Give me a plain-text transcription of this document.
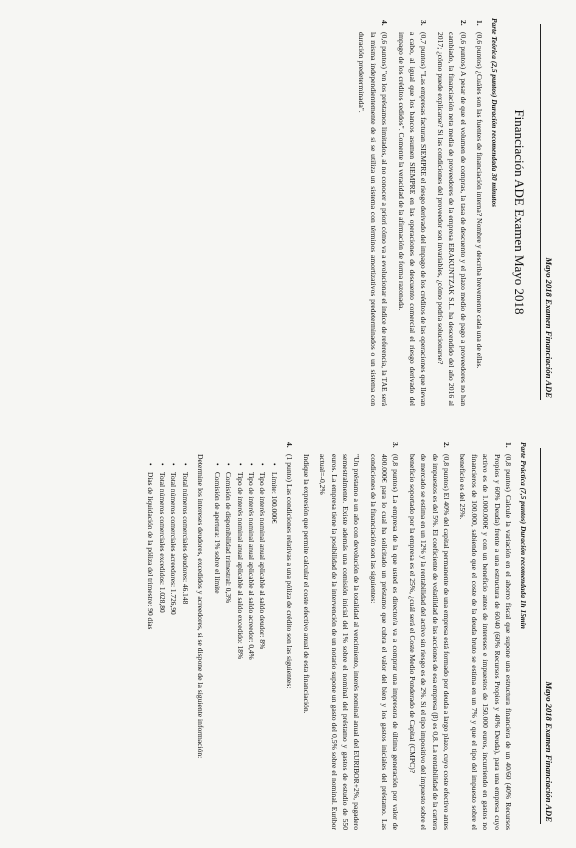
Mayo 2018 Examen Financiación ADE
Financiación ADE Examen Mayo 2018
Parte Teórica (2,5 puntos) Duración recomendada 30 minutos
1.
(0,6 puntos) ¿Cuáles son las fuentes de financiación interna? Nombre y describa brevemente cada una de ellas.
2.
(0,6 puntos) A pesar de que el volumen de compras, la tasa de descuento y el plazo medio de pago a proveedores no han cambiado, la financiación neta media de proveedores de la empresa ERAKUNTZAK S.L. ha descendido del año 2016 al 2017; ¿cómo puede explicarse? Si las condiciones del proveedor son invariables, ¿cómo podría solucionarse?
3.
(0,7 puntos) "Las empresas facturan SIEMPRE el riesgo derivado del impago de los créditos de las operaciones que llevan a cabo, al igual que los bancos asumen SIEMPRE en las operaciones de descuento comercial el riesgo derivado del impago de los créditos cedidos". Comente la veracidad de la afirmación de forma razonada.
4.
(0,6 puntos) "en los préstamos limitados, al no conocer a priori cómo va a evolucionar el índice de referencia, la TAE será la misma independientemente de si se utiliza un sistema con términos amortizativos predeterminados o un sistema con duración predeterminada".
Mayo 2018 Examen Financiación ADE
Parte Práctica (7,5 puntos) Duración recomendada 1h 15min
1.
(0,8 puntos) Calcule la variación en el ahorro fiscal que supone una estructura financiera de un 40/60 (40% Recursos Propios y 60% Deuda) frente a una estructura de 60/40 (60% Recursos Propios y 40% Deuda), para una empresa cuyo activo es de 1.000.000€ y con un beneficio antes de intereses e impuestos de 150.000 euros, incurriendo en gastos no financieros de 100.000, sabiendo que el coste de la deuda bruto se estima en un 7% y que el tipo del impuesto sobre el beneficio es del 25%.
2.
(0,8 puntos) El 40% del capital permanente de una empresa está formado por deuda a largo plazo, cuyo coste efectivo antes de impuestos es del 5%. El coeficiente de volatilidad de las acciones de esa empresa (β) es 0,8. La rentabilidad de la cartera de mercado se estima en un 12% y la rentabilidad del activo sin riesgo es de 2%. Si el tipo impositivo del impuesto sobre el beneficio soportado por la empresa es el 25%, ¿cuál será el Coste Medio Ponderado de Capital (CMPC)?
3.
(0,8 puntos) La empresa de la que usted es director/a va a comprar una impresora de última generación por valor de 400.000€ para lo cual ha solicitado un préstamo que cubra el valor del bien y los gastos iniciales del préstamo. Las condiciones de la financiación son las siguientes:
"Un préstamo a un año con devolución de la totalidad al vencimiento, interés nominal anual del EURIBOR+2%, pagadero semestralmente. Existe además una comisión inicial del 1% sobre el nominal del préstamo y gastos de estudio de 550 euros. La empresa tiene la posibilidad de la intervención de un notario supone un gasto del 0,5% sobre el nominal. Euribor actual=-0,2%
Indique la expresión que permite calcular el coste efectivo anual de esta financiación.
4.
(1 punto) Las condiciones relativas a una póliza de crédito son las siguientes:
• Límite: 100.000€
• Tipo de interés nominal anual aplicable al saldo deudor: 8%
• Tipo de interés nominal anual aplicable al saldo acreedor: 0,4%
• Tipo de interés nominal anual aplicable al saldo excedido: 18%
• Comisión de disponibilidad trimestral: 0,3%
• Comisión de apertura: 1% sobre el límite
Determine los intereses deudores, excedidos y acreedores, si se dispone de la siguiente información:
• Total números comerciales deudores: 46.148
• Total números comerciales acreedores: 1.726,90
• Total números comerciales excedidos: 1.028,80
• Días de liquidación de la póliza del trimestre: 90 días
